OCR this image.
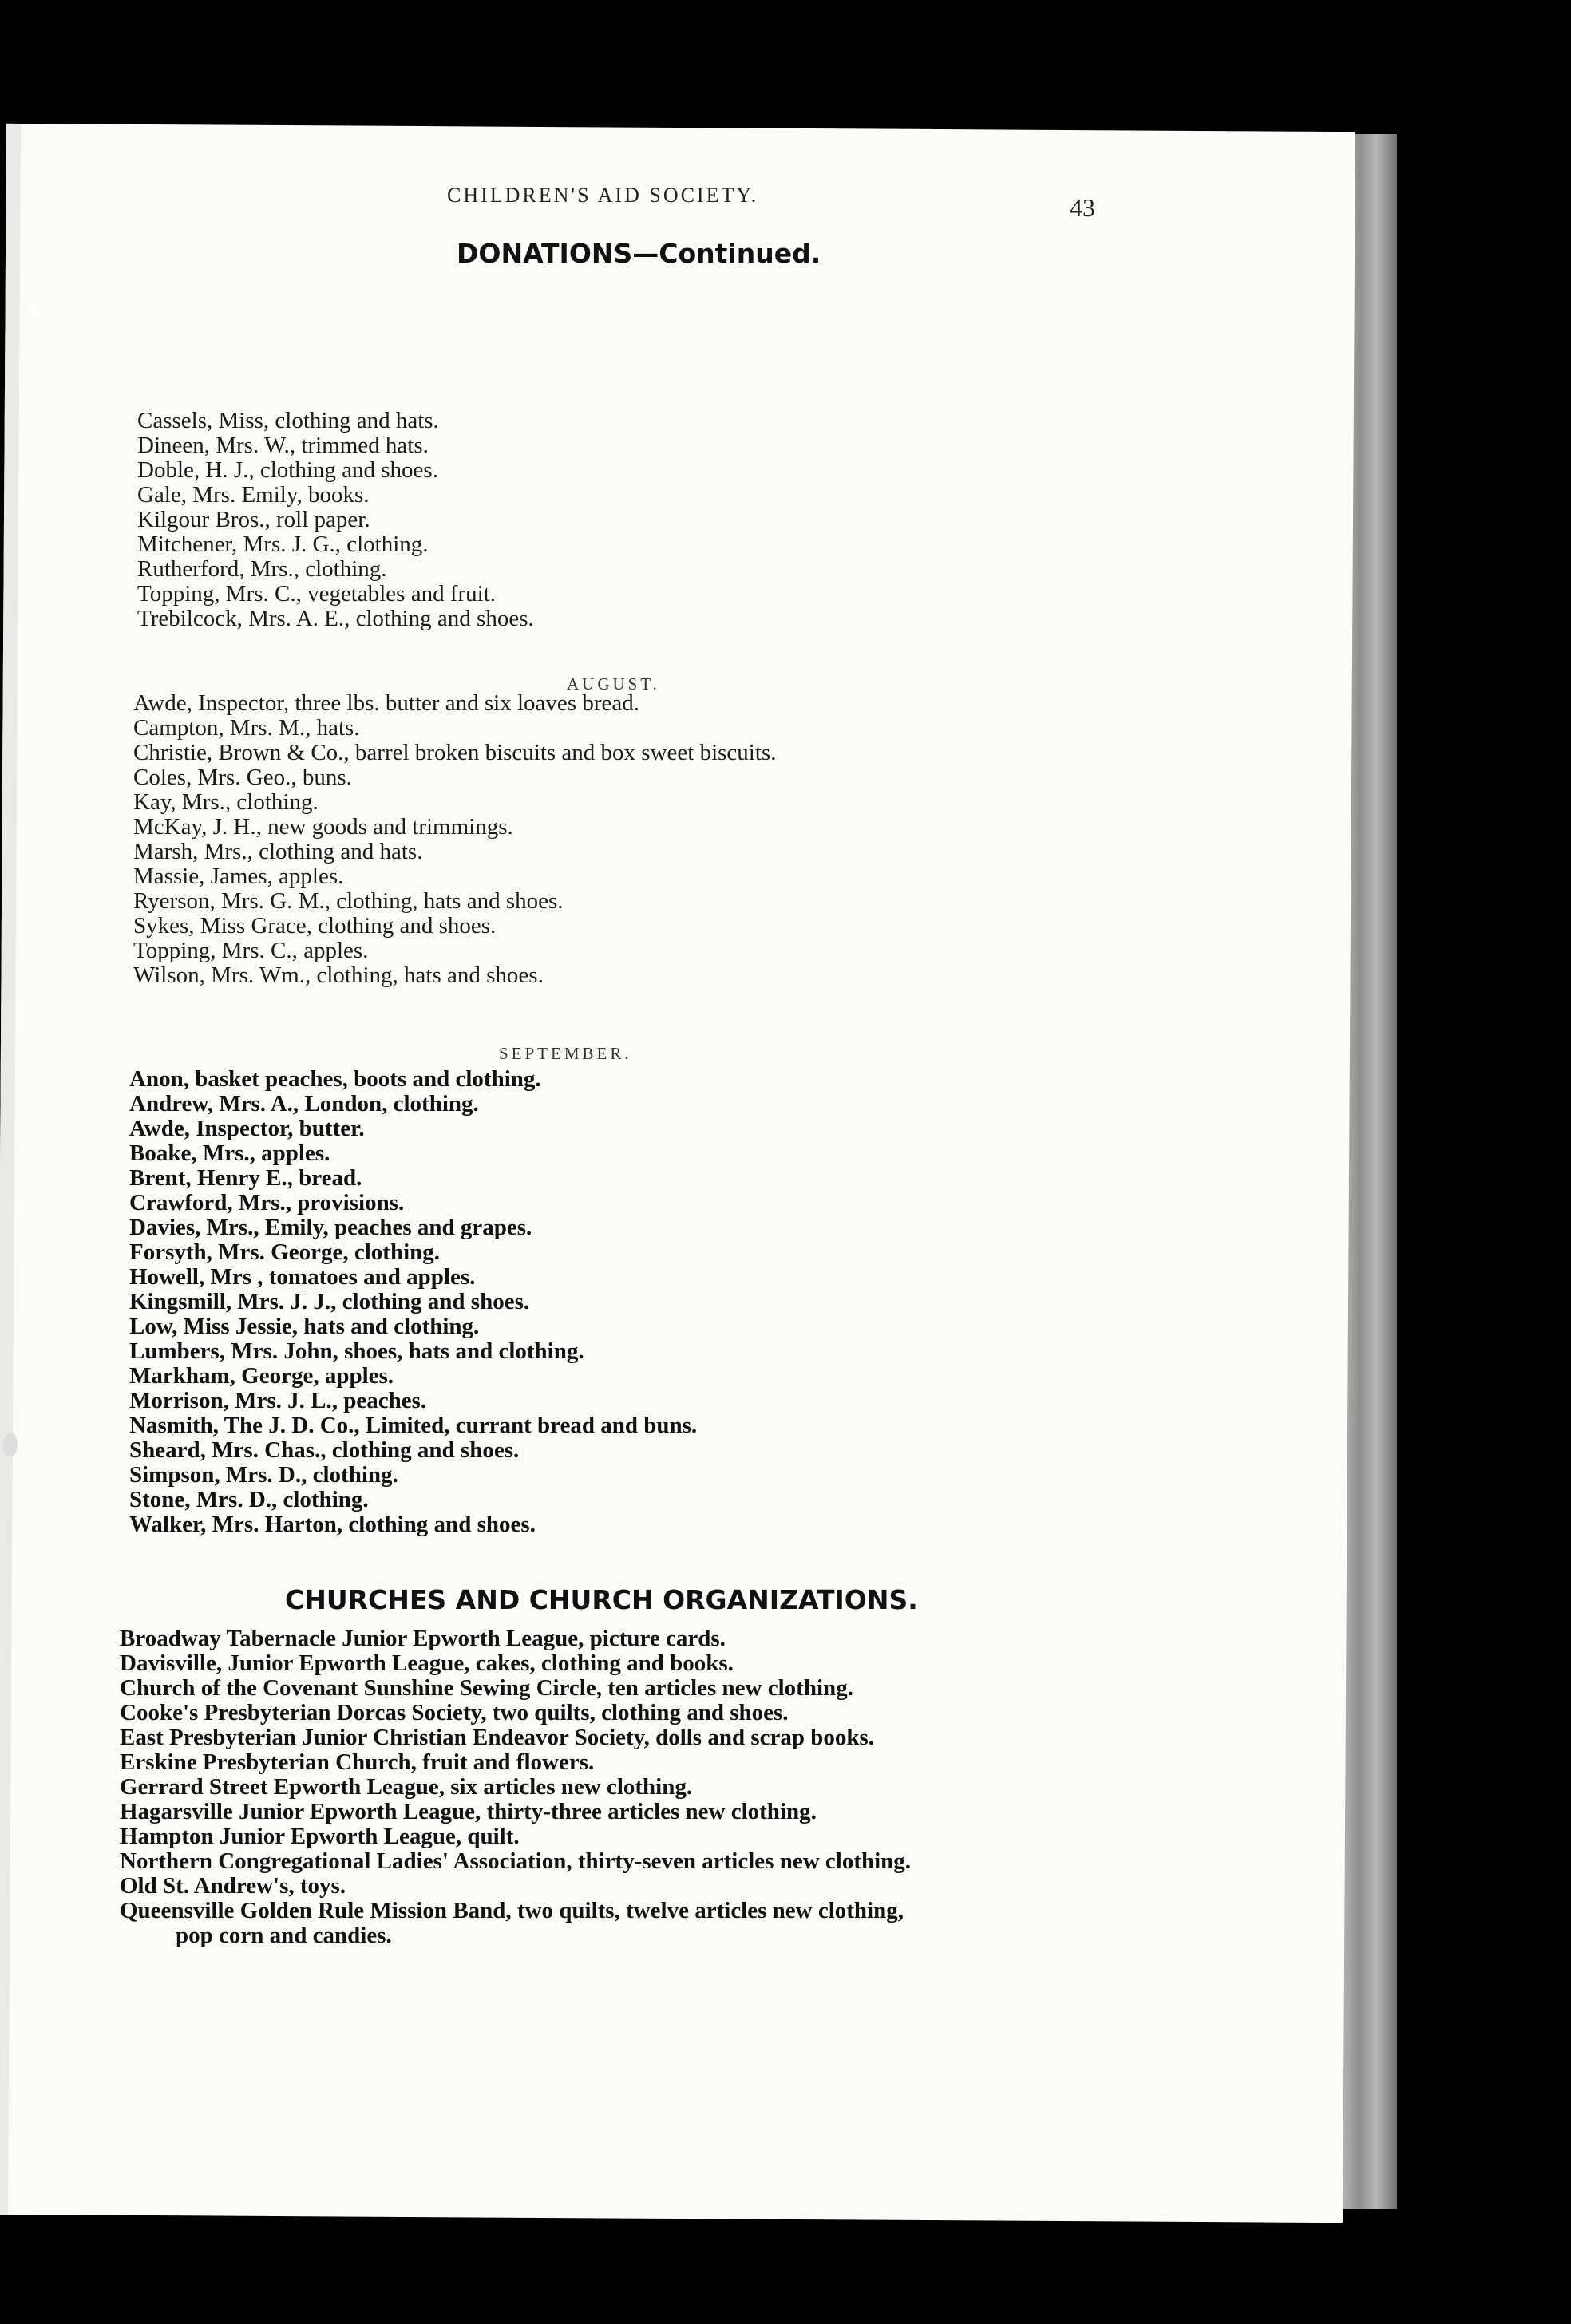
CHILDREN'S AID SOCIETY.	43
DONATIONS—Continued.
Cassels, Miss, clothing and hats.
Dineen, Mrs. W., trimmed hats.
Doble, H. J., clothing and shoes.
Gale, Mrs. Emily, books.
Kilgour Bros., roll paper.
Mitchener, Mrs. J. G., clothing.
Rutherford, Mrs., clothing.
Topping, Mrs. C., vegetables and fruit.
Trebilcock, Mrs. A. E., clothing and shoes.
AUGUST.
Awde, Inspector, three lbs. butter and six loaves bread.
Campton, Mrs. M., hats.
Christie, Brown & Co., barrel broken biscuits and box sweet biscuits.
Coles, Mrs. Geo., buns.
Kay, Mrs., clothing.
McKay, J. H., new goods and trimmings.
Marsh, Mrs., clothing and hats.
Massie, James, apples.
Ryerson, Mrs. G. M., clothing, hats and shoes.
Sykes, Miss Grace, clothing and shoes.
Topping, Mrs. C., apples.
Wilson, Mrs. Wm., clothing, hats and shoes.
SEPTEMBER.
Anon, basket peaches, boots and clothing.
Andrew, Mrs. A., London, clothing.
Awde, Inspector, butter.
Boake, Mrs., apples.
Brent, Henry E., bread.
Crawford, Mrs., provisions.
Davies, Mrs., Emily, peaches and grapes.
Forsyth, Mrs. George, clothing.
Howell, Mrs , tomatoes and apples.
Kingsmill, Mrs. J. J., clothing and shoes.
Low, Miss Jessie, hats and clothing.
Lumbers, Mrs. John, shoes, hats and clothing.
Markham, George, apples.
Morrison, Mrs. J. L., peaches.
Nasmith, The J. D. Co., Limited, currant bread and buns.
Sheard, Mrs. Chas., clothing and shoes.
Simpson, Mrs. D., clothing.
Stone, Mrs. D., clothing.
Walker, Mrs. Harton, clothing and shoes.
CHURCHES AND CHURCH ORGANIZATIONS.
Broadway Tabernacle Junior Epworth League, picture cards.
Davisville, Junior Epworth League, cakes, clothing and books.
Church of the Covenant Sunshine Sewing Circle, ten articles new clothing.
Cooke's Presbyterian Dorcas Society, two quilts, clothing and shoes.
East Presbyterian Junior Christian Endeavor Society, dolls and scrap books.
Erskine Presbyterian Church, fruit and flowers.
Gerrard Street Epworth League, six articles new clothing.
Hagarsville Junior Epworth League, thirty-three articles new clothing.
Hampton Junior Epworth League, quilt.
Northern Congregational Ladies' Association, thirty-seven articles new clothing.
Old St. Andrew's, toys.
Queensville Golden Rule Mission Band, two quilts, twelve articles new clothing,
pop corn and candies.
